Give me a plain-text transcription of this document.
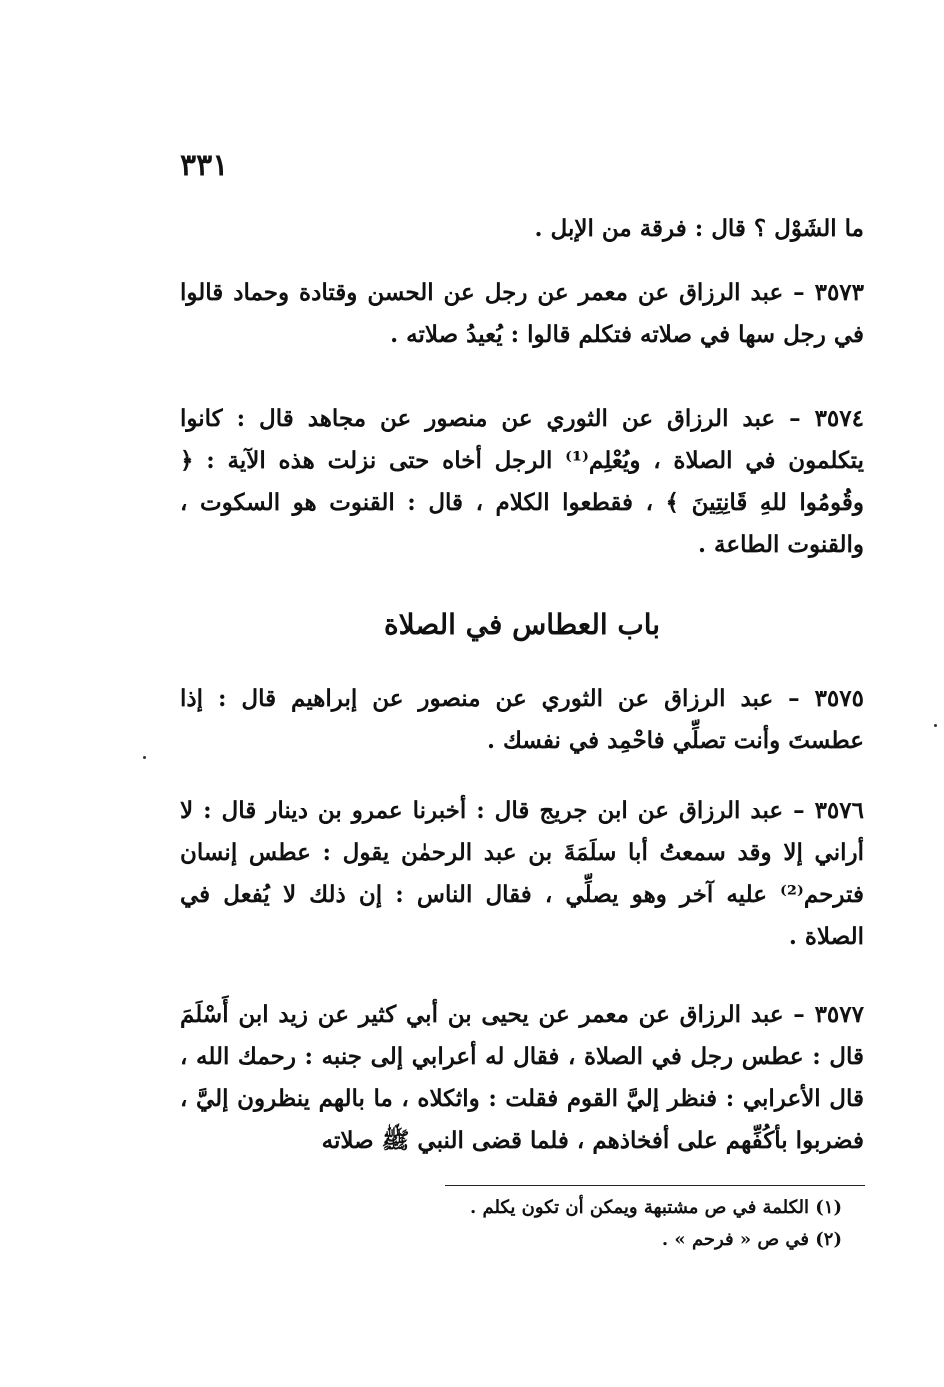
٣٣١

ما الشَوْل ؟ قال : فرقة من الإبل .

٣٥٧٣ – عبد الرزاق عن معمر عن رجل عن الحسن وقتادة وحماد قالوا في رجل سها في صلاته فتكلم قالوا : يُعيدُ صلاته .

٣٥٧٤ – عبد الرزاق عن الثوري عن منصور عن مجاهد قال : كانوا يتكلمون في الصلاة ، ويُعْلِم⁽¹⁾ الرجل أخاه حتى نزلت هذه الآية : ﴿ وقُومُوا للهِ قَانِتِينَ ﴾ ، فقطعوا الكلام ، قال : القنوت هو السكوت ، والقنوت الطاعة .

باب العطاس في الصلاة

٣٥٧٥ – عبد الرزاق عن الثوري عن منصور عن إبراهيم قال : إذا عطستَ وأنت تصلِّي فاحْمِد في نفسك .

٣٥٧٦ – عبد الرزاق عن ابن جريج قال : أخبرنا عمرو بن دينار قال : لا أراني إلا وقد سمعتُ أبا سلَمَةَ بن عبد الرحمٰن يقول : عطس إنسان فترحم⁽²⁾ عليه آخر وهو يصلِّي ، فقال الناس : إن ذلك لا يُفعل في الصلاة .

٣٥٧٧ – عبد الرزاق عن معمر عن يحيى بن أبي كثير عن زيد ابن أَسْلَمَ قال : عطس رجل في الصلاة ، فقال له أعرابي إلى جنبه : رحمك الله ، قال الأعرابي : فنظر إليَّ القوم فقلت : واثكلاه ، ما بالهم ينظرون إليَّ ، فضربوا بأكُفِّهم على أفخاذهم ، فلما قضى النبي ﷺ صلاته

(١) الكلمة في ص مشتبهة ويمكن أن تكون يكلم .

(٢) في ص « فرحم » .
